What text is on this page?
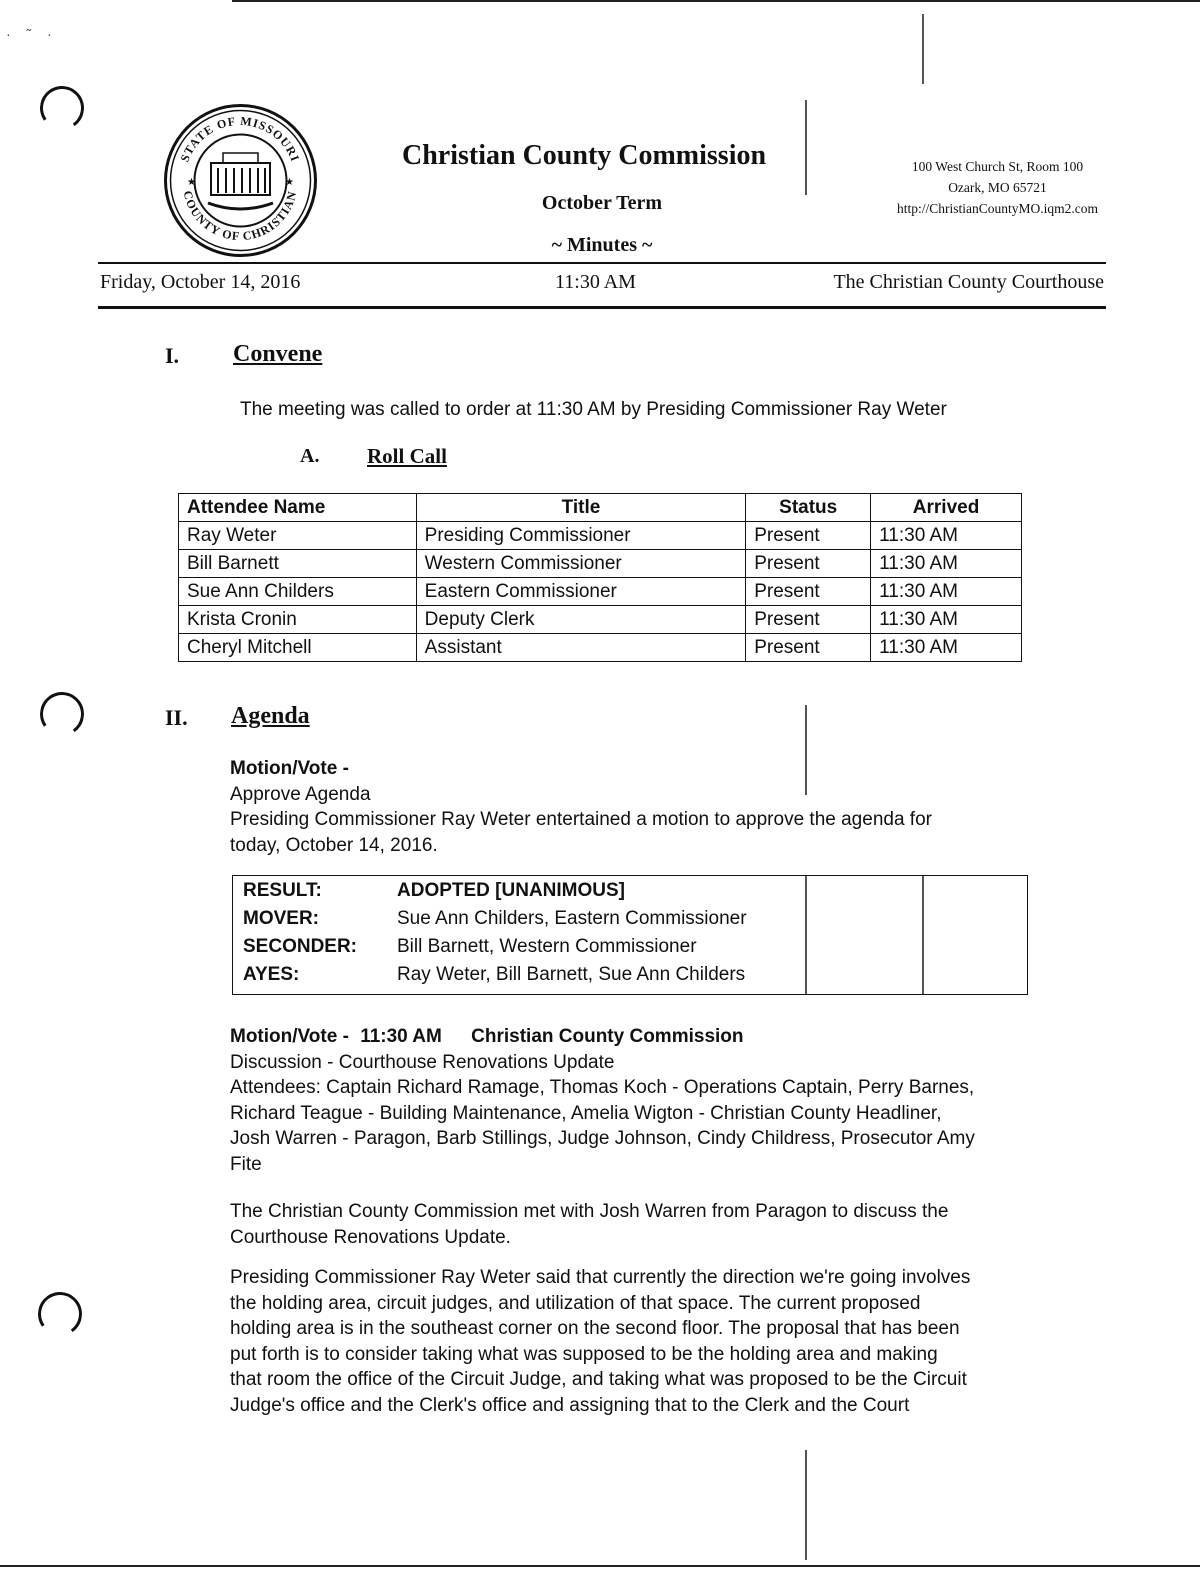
· ˜ ·
STATE OF MISSOURI
COUNTY OF CHRISTIAN
★	★
Christian County Commission
October Term
~ Minutes ~
100 West Church St, Room 100
Ozark, MO 65721
http://ChristianCountyMO.iqm2.com
Friday, October 14, 2016	11:30 AM	The Christian County Courthouse
I. Convene
The meeting was called to order at 11:30 AM by Presiding Commissioner Ray Weter
A. Roll Call
Attendee Name	Title	Status	Arrived
Ray Weter	Presiding Commissioner	Present	11:30 AM
Bill Barnett	Western Commissioner	Present	11:30 AM
Sue Ann Childers	Eastern Commissioner	Present	11:30 AM
Krista Cronin	Deputy Clerk	Present	11:30 AM
Cheryl Mitchell	Assistant	Present	11:30 AM
II. Agenda
Motion/Vote -
Approve Agenda
Presiding Commissioner Ray Weter entertained a motion to approve the agenda for
today, October 14, 2016.
RESULT:	ADOPTED [UNANIMOUS]
MOVER:	Sue Ann Childers, Eastern Commissioner
SECONDER:	Bill Barnett, Western Commissioner
AYES:	Ray Weter, Bill Barnett, Sue Ann Childers
Motion/Vote - 11:30 AM Christian County Commission
Discussion - Courthouse Renovations Update
Attendees: Captain Richard Ramage, Thomas Koch - Operations Captain, Perry Barnes,
Richard Teague - Building Maintenance, Amelia Wigton - Christian County Headliner,
Josh Warren - Paragon, Barb Stillings, Judge Johnson, Cindy Childress, Prosecutor Amy
Fite
The Christian County Commission met with Josh Warren from Paragon to discuss the
Courthouse Renovations Update.
Presiding Commissioner Ray Weter said that currently the direction we're going involves
the holding area, circuit judges, and utilization of that space. The current proposed
holding area is in the southeast corner on the second floor. The proposal that has been
put forth is to consider taking what was supposed to be the holding area and making
that room the office of the Circuit Judge, and taking what was proposed to be the Circuit
Judge's office and the Clerk's office and assigning that to the Clerk and the Court
